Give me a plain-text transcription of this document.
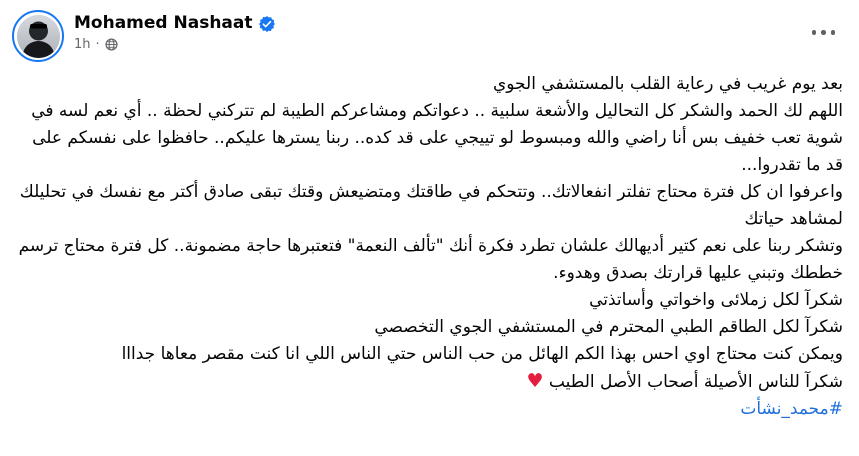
Mohamed Nashaat
1h ·

بعد يوم غريب في رعاية القلب بالمستشفي الجوي

اللهم لك الحمد والشكر كل التحاليل والأشعة سلبية .. دعواتكم ومشاعركم الطيبة لم تتركني لحظة .. أي نعم لسه في شوية تعب خفيف بس أنا راضي والله ومبسوط لو تييجي على قد كده.. ربنا يسترها عليكم.. حافظوا على نفسكم على قد ما تقدروا...

واعرفوا ان كل فترة محتاج تفلتر انفعالاتك.. وتتحكم في طاقتك ومتضيعش وقتك تبقى صادق أكتر مع نفسك في تحليلك لمشاهد حياتك

وتشكر ربنا على نعم كتير أديهالك علشان تطرد فكرة أنك "تألف النعمة" فتعتبرها حاجة مضمونة.. كل فترة محتاج ترسم خططك وتبني عليها قرارتك بصدق وهدوء.

شكرآ لكل زملائى واخواتي وأساتذتي

شكرآ لكل الطاقم الطبي المحترم في المستشفي الجوي التخصصي

ويمكن كنت محتاج اوي احس بهذا الكم الهائل من حب الناس حتي الناس اللي انا كنت مقصر معاها جدااا

شكرآ للناس الأصيلة أصحاب الأصل الطيب ♥

#محمد_نشأت
